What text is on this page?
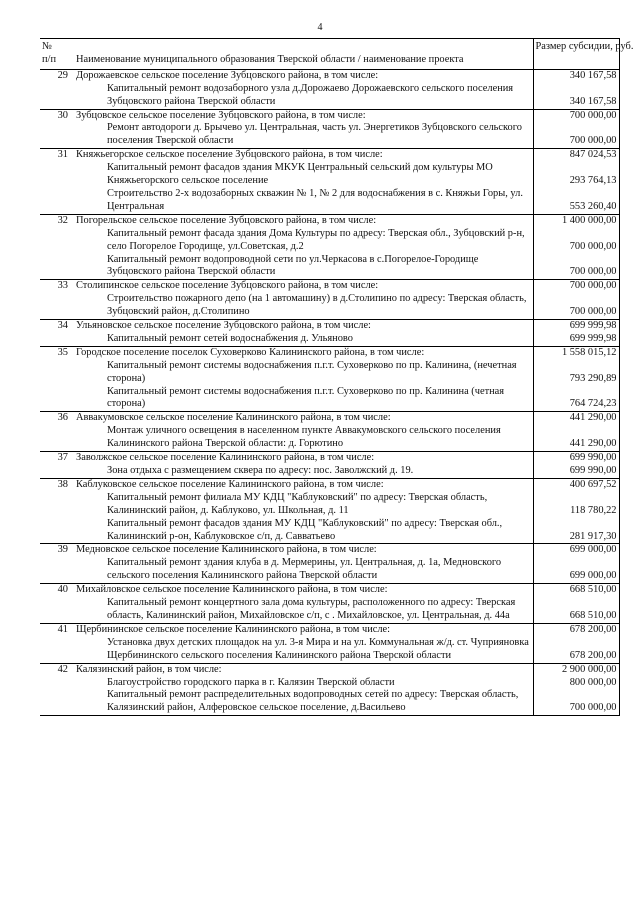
4
№
п/п	Наименование муниципального образования Тверской области / наименование проекта	Размер субсидии, руб.
29	Дорожаевское сельское поселение Зубцовского района, в том числе:	340 167,58
	Капитальный ремонт водозаборного узла д.Дорожаево Дорожаевского сельского поселения Зубцовского района Тверской области	340 167,58
30	Зубцовское сельское поселение Зубцовского района, в том числе:	700 000,00
	Ремонт автодороги д. Брычево ул. Центральная, часть ул. Энергетиков Зубцовского сельского поселения Тверской области	700 000,00
31	Княжьегорское сельское поселение Зубцовского района, в том числе:	847 024,53
	Капитальный ремонт фасадов здания МКУК Центральный сельский дом культуры МО Княжьегорского сельское поселение	293 764,13
	Строительство 2-х водозаборных скважин № 1, № 2 для водоснабжения в с. Княжьи Горы, ул. Центральная	553 260,40
32	Погорельское сельское поселение Зубцовского района, в том числе:	1 400 000,00
	Капитальный ремонт фасада здания Дома Культуры по адресу: Тверская обл., Зубцовский р-н, село Погорелое Городище, ул.Советская, д.2	700 000,00
	Капитальный ремонт водопроводной сети по ул.Черкасова в с.Погорелое-Городище Зубцовского района Тверской области	700 000,00
33	Столипинское сельское поселение Зубцовского района, в том числе:	700 000,00
	Строительство пожарного депо (на 1 автомашину) в д.Столипино по адресу: Тверская область, Зубцовский район, д.Столипино	700 000,00
34	Ульяновское сельское поселение Зубцовского района, в том числе:	699 999,98
	Капитальный ремонт сетей водоснабжения д. Ульяново	699 999,98
35	Городское поселение поселок Суховерково Калининского района, в том числе:	1 558 015,12
	Капитальный ремонт системы водоснабжения п.г.т. Суховерково по пр. Калинина, (нечетная сторона)	793 290,89
	Капитальный ремонт системы водоснабжения п.г.т. Суховерково по пр. Калинина (четная сторона)	764 724,23
36	Аввакумовское сельское поселение Калининского района, в том числе:	441 290,00
	Монтаж уличного освещения в населенном пункте Аввакумовского сельского поселения Калининского района Тверской области: д. Горютино	441 290,00
37	Заволжское сельское поселение Калининского района, в том числе:	699 990,00
	Зона отдыха с размещением сквера по адресу: пос. Заволжский д. 19.	699 990,00
38	Каблуковское сельское поселение Калининского района, в том числе:	400 697,52
	Капитальный ремонт филиала МУ КДЦ "Каблуковский" по адресу: Тверская область, Калининский район, д. Каблуково, ул. Школьная, д. 11	118 780,22
	Капитальный ремонт фасадов здания МУ КДЦ "Каблуковский" по адресу: Тверская обл., Калининский р-он, Каблуковское с/п, д. Савватьево	281 917,30
39	Медновское сельское поселение Калининского района, в том числе:	699 000,00
	Капитальный ремонт здания клуба в д. Мермерины, ул. Центральная, д. 1а, Медновского сельского поселения Калининского района Тверской области	699 000,00
40	Михайловское сельское поселение Калининского района, в том числе:	668 510,00
	Капитальный ремонт концертного зала дома культуры, расположенного по адресу: Тверская область, Калининский район, Михайловское с/п, с . Михайловское, ул. Центральная, д. 44а	668 510,00
41	Щербининское сельское поселение Калининского района, в том числе:	678 200,00
	Установка двух детских площадок на ул. 3-я Мира и на ул. Коммунальная ж/д. ст. Чуприяновка Щербининского сельского поселения Калининского района Тверской области	678 200,00
42	Калязинский район, в том числе:	2 900 000,00
	Благоустройство городского парка в г. Калязин Тверской области	800 000,00
	Капитальный ремонт распределительных водопроводных сетей по адресу: Тверская область, Калязинский район, Алферовское сельское поселение, д.Васильево	700 000,00
